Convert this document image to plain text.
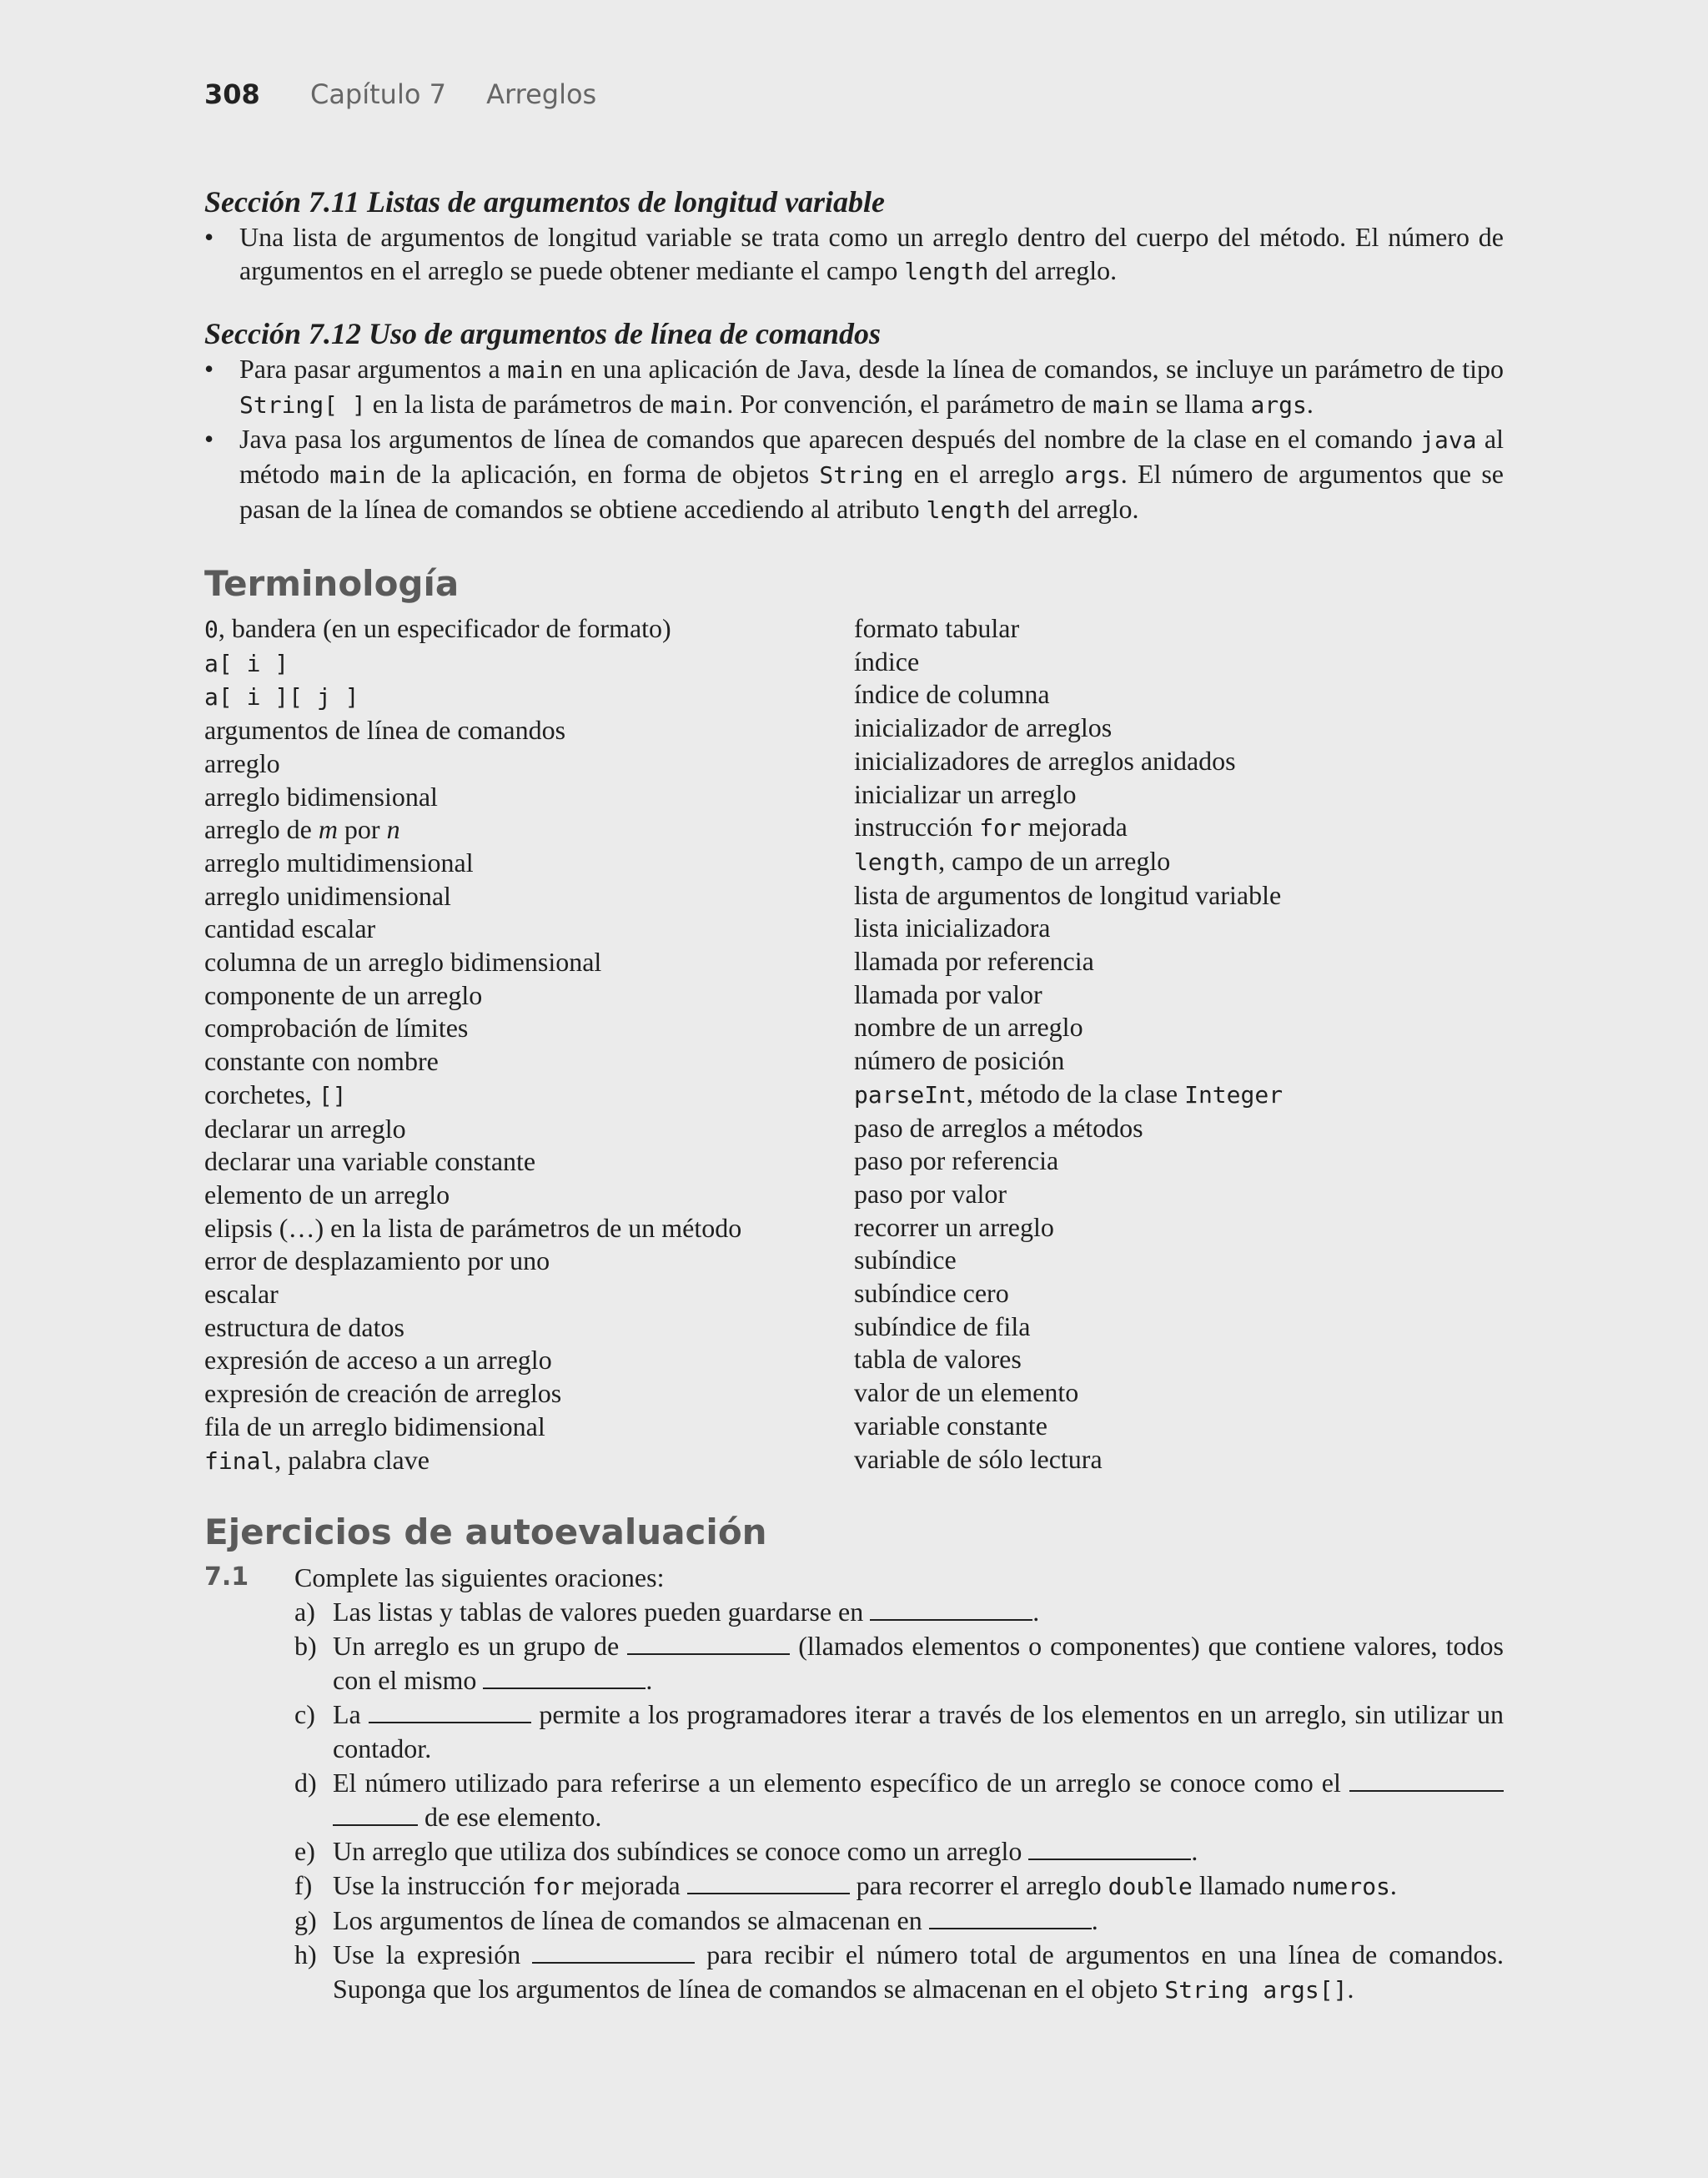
308 Capítulo 7 Arreglos
Sección 7.11 Listas de argumentos de longitud variable
• Una lista de argumentos de longitud variable se trata como un arreglo dentro del cuerpo del método. El número de argumentos en el arreglo se puede obtener mediante el campo length del arreglo.
Sección 7.12 Uso de argumentos de línea de comandos
• Para pasar argumentos a main en una aplicación de Java, desde la línea de comandos, se incluye un parámetro de tipo String[ ] en la lista de parámetros de main. Por convención, el parámetro de main se llama args.
• Java pasa los argumentos de línea de comandos que aparecen después del nombre de la clase en el comando java al método main de la aplicación, en forma de objetos String en el arreglo args. El número de argumentos que se pasan de la línea de comandos se obtiene accediendo al atributo length del arreglo.
Terminología
0, bandera (en un especificador de formato)
a[ i ]
a[ i ][ j ]
argumentos de línea de comandos
arreglo
arreglo bidimensional
arreglo de m por n
arreglo multidimensional
arreglo unidimensional
cantidad escalar
columna de un arreglo bidimensional
componente de un arreglo
comprobación de límites
constante con nombre
corchetes, []
declarar un arreglo
declarar una variable constante
elemento de un arreglo
elipsis (…) en la lista de parámetros de un método
error de desplazamiento por uno
escalar
estructura de datos
expresión de acceso a un arreglo
expresión de creación de arreglos
fila de un arreglo bidimensional
final, palabra clave
formato tabular
índice
índice de columna
inicializador de arreglos
inicializadores de arreglos anidados
inicializar un arreglo
instrucción for mejorada
length, campo de un arreglo
lista de argumentos de longitud variable
lista inicializadora
llamada por referencia
llamada por valor
nombre de un arreglo
número de posición
parseInt, método de la clase Integer
paso de arreglos a métodos
paso por referencia
paso por valor
recorrer un arreglo
subíndice
subíndice cero
subíndice de fila
tabla de valores
valor de un elemento
variable constante
variable de sólo lectura
Ejercicios de autoevaluación
7.1	Complete las siguientes oraciones:
a) Las listas y tablas de valores pueden guardarse en	.
b) Un arreglo es un grupo de	(llamados elementos o componentes) que contiene valores, todos con el mismo	.
c) La	permite a los programadores iterar a través de los elementos en un arreglo, sin utilizar un contador.
d) El número utilizado para referirse a un elemento específico de un arreglo se conoce como el   de ese elemento.
e) Un arreglo que utiliza dos subíndices se conoce como un arreglo	.
f) Use la instrucción for mejorada	para recorrer el arreglo double llamado numeros.
g) Los argumentos de línea de comandos se almacenan en	.
h) Use la expresión	para recibir el número total de argumentos en una línea de comandos. Suponga que los argumentos de línea de comandos se almacenan en el objeto String args[].
